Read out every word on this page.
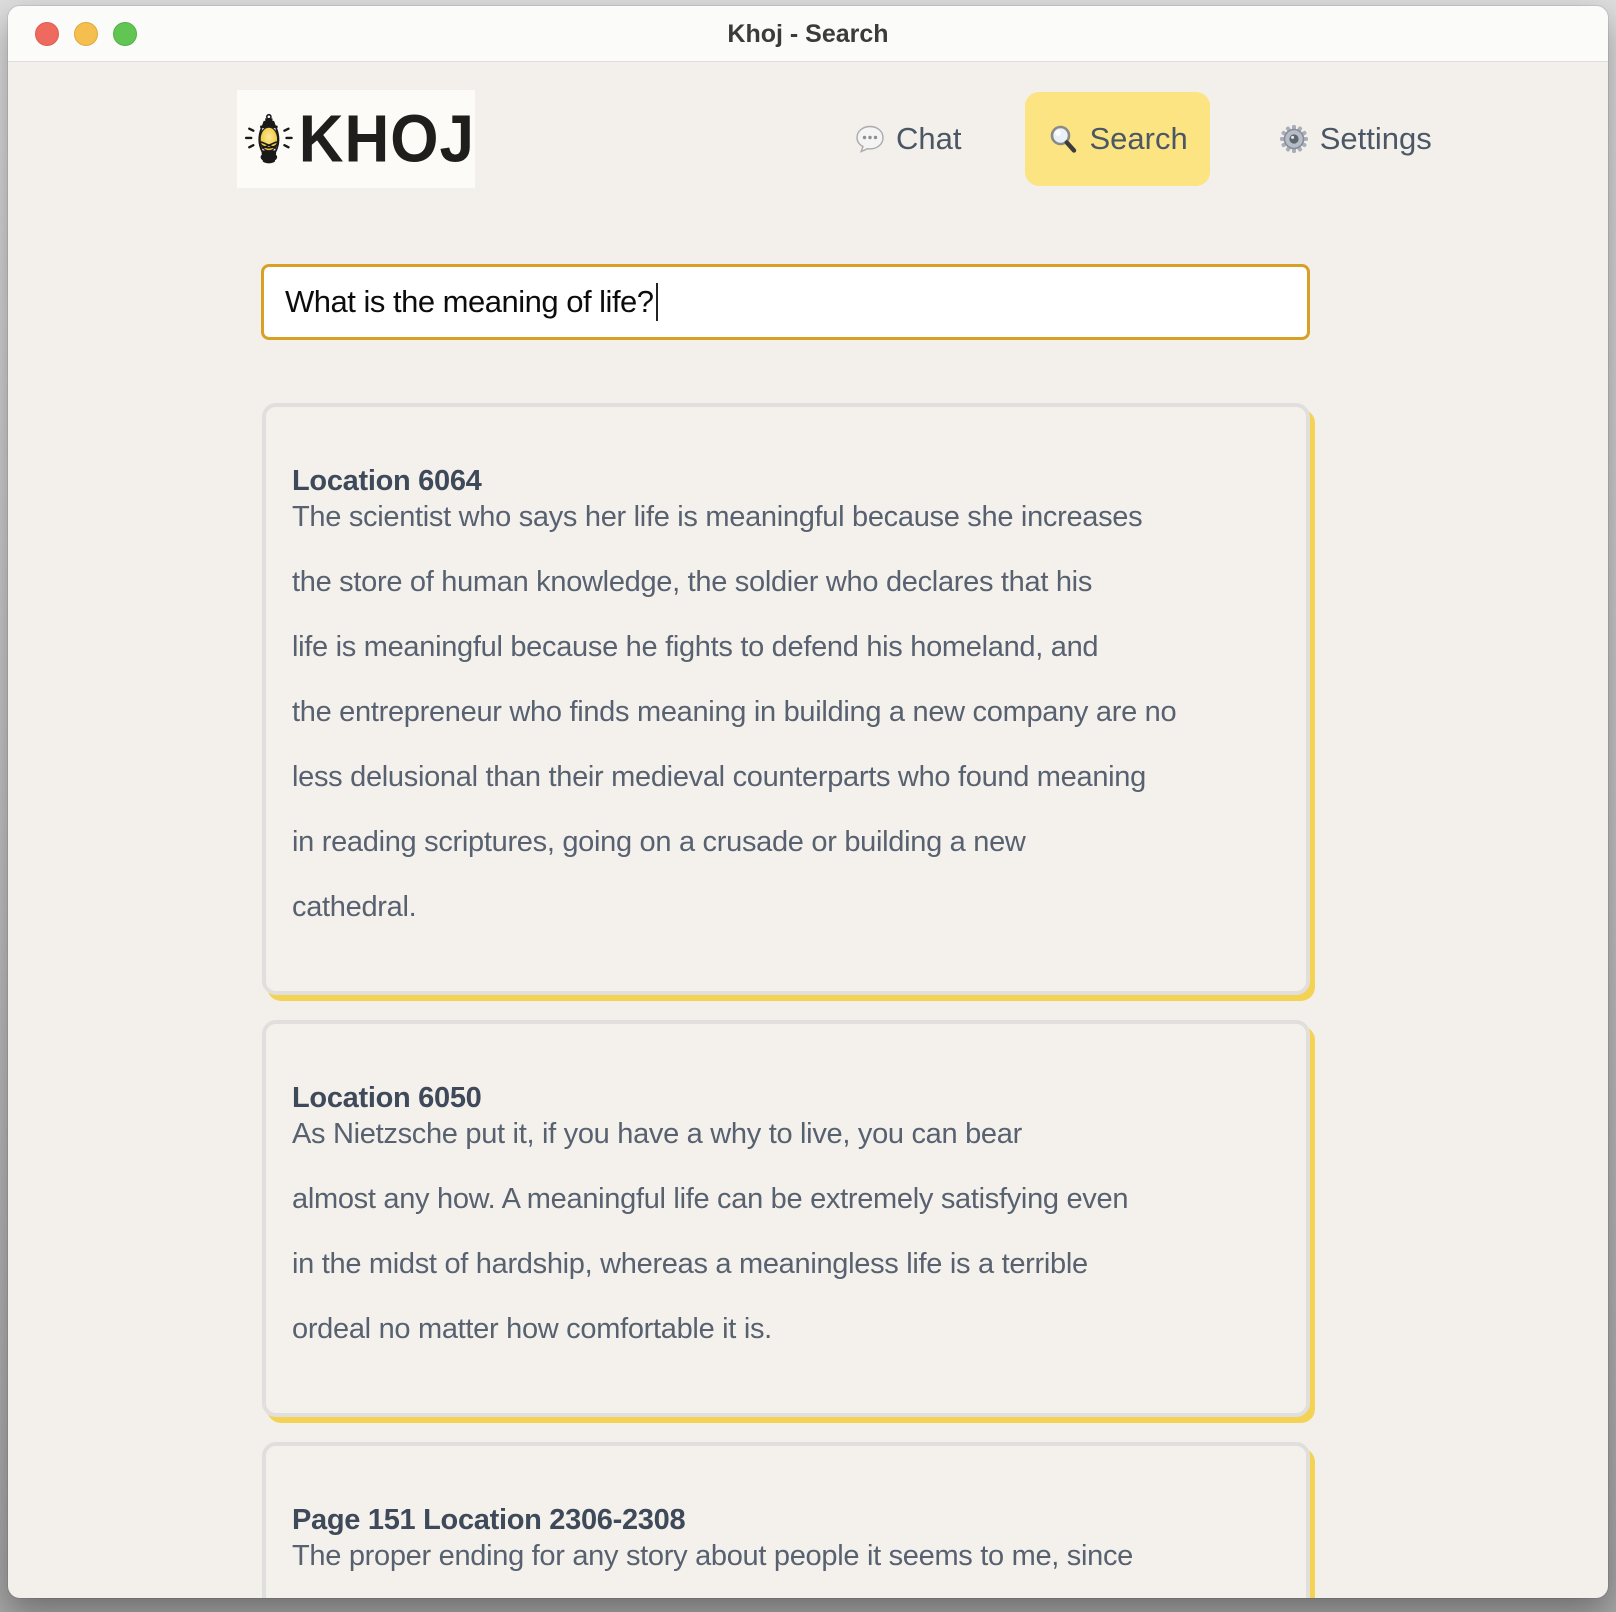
Khoj - Search
KHOJ	Chat	Search	Settings
What is the meaning of life?
Location 6064

The scientist who says her life is meaningful because she increases

the store of human knowledge, the soldier who declares that his

life is meaningful because he fights to defend his homeland, and

the entrepreneur who finds meaning in building a new company are no

less delusional than their medieval counterparts who found meaning

in reading scriptures, going on a crusade or building a new

cathedral.

Location 6050

As Nietzsche put it, if you have a why to live, you can bear

almost any how. A meaningful life can be extremely satisfying even

in the midst of hardship, whereas a meaningless life is a terrible

ordeal no matter how comfortable it is.

Page 151 Location 2306-2308

The proper ending for any story about people it seems to me, since
